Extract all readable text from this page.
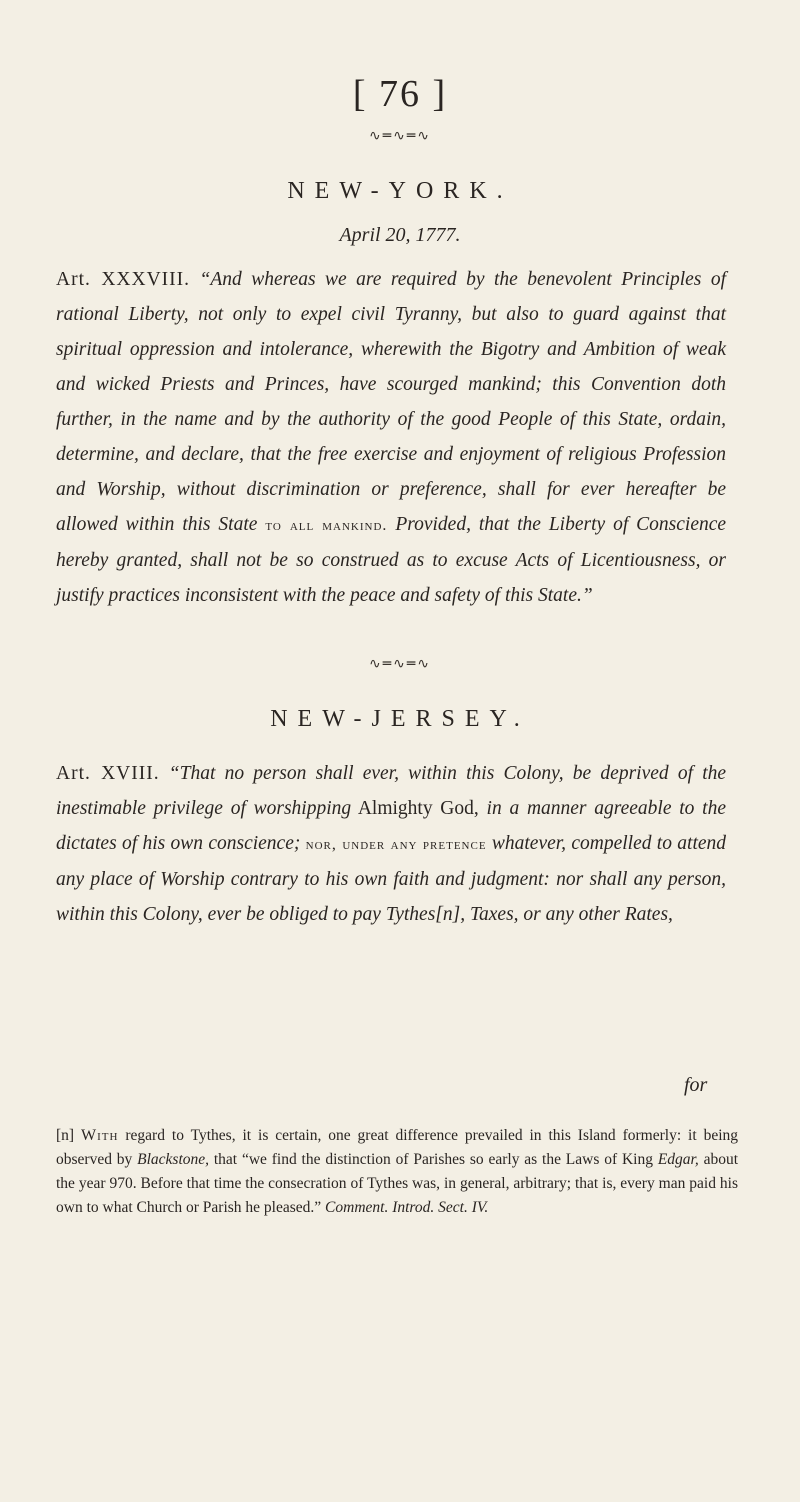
[ 76 ]
∿═∿═∿
NEW-YORK.
April 20, 1777.
Art. XXXVIII. “And whereas we are required by the benevolent Principles of rational Liberty, not only to expel civil Tyranny, but also to guard against that spiritual oppression and intolerance, wherewith the Bigotry and Ambition of weak and wicked Priests and Princes, have scourged mankind; this Convention doth further, in the name and by the authority of the good People of this State, ordain, determine, and declare, that the free exercise and enjoyment of religious Profession and Worship, without discrimination or preference, shall for ever hereafter be allowed within this State to all mankind. Provided, that the Liberty of Conscience hereby granted, shall not be so construed as to excuse Acts of Licentiousness, or justify practices inconsistent with the peace and safety of this State.”
∿═∿═∿
NEW-JERSEY.
Art. XVIII. “That no person shall ever, within this Colony, be deprived of the inestimable privilege of worshipping Almighty God, in a manner agreeable to the dictates of his own conscience; nor, under any pretence whatever, compelled to attend any place of Worship contrary to his own faith and judgment: nor shall any person, within this Colony, ever be obliged to pay Tythes[n], Taxes, or any other Rates,
for
[n] With regard to Tythes, it is certain, one great difference prevailed in this Island formerly: it being observed by Blackstone, that “we find the distinction of Parishes so early as the Laws of King Edgar, about the year 970. Before that time the consecration of Tythes was, in general, arbitrary; that is, every man paid his own to what Church or Parish he pleased.” Comment. Introd. Sect. IV.
